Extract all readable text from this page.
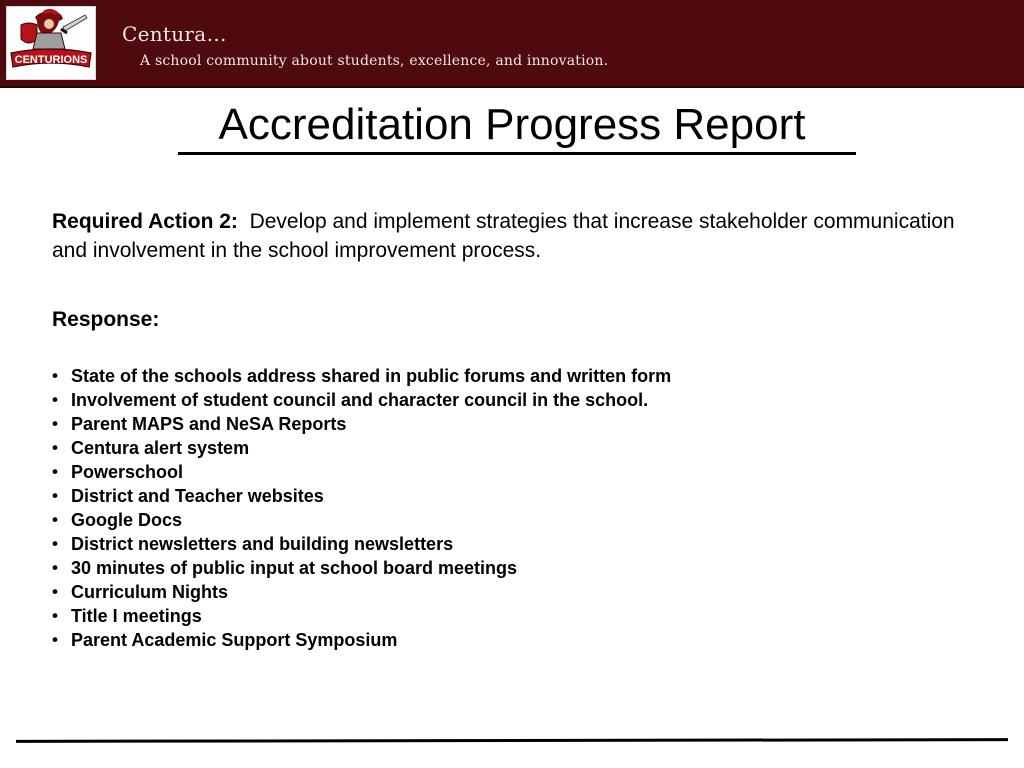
CENTURIONS
Centura…
A school community about students, excellence, and innovation.
Accreditation Progress Report
Required Action 2: Develop and implement strategies that increase stakeholder communication and involvement in the school improvement process.
Response:
• State of the schools address shared in public forums and written form
• Involvement of student council and character council in the school.
• Parent MAPS and NeSA Reports
• Centura alert system
• Powerschool
• District and Teacher websites
• Google Docs
• District newsletters and building newsletters
• 30 minutes of public input at school board meetings
• Curriculum Nights
• Title I meetings
• Parent Academic Support Symposium
